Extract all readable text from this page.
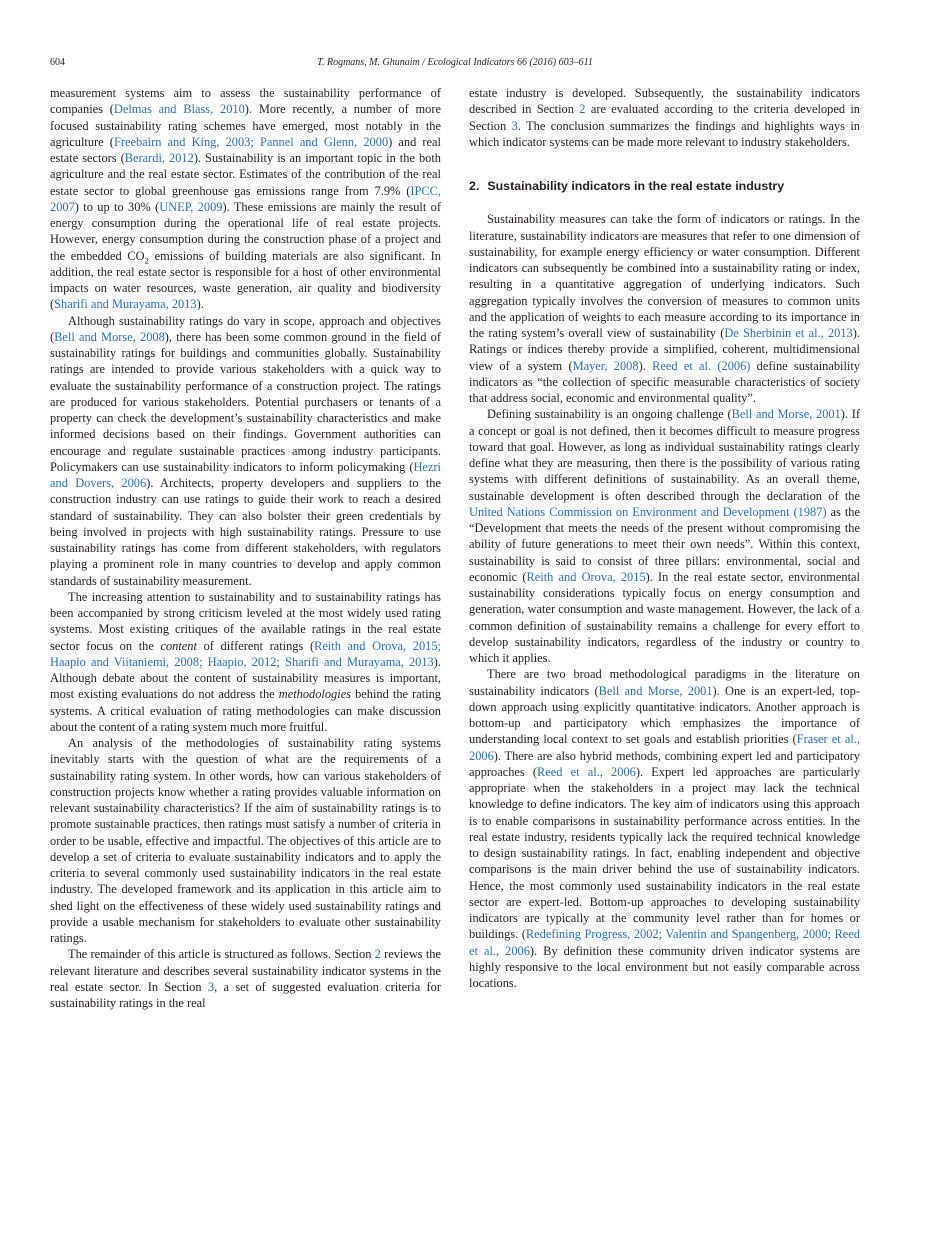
604	T. Rogmans, M. Ghunaim / Ecological Indicators 66 (2016) 603–611

measurement systems aim to assess the sustainability performance of companies (Delmas and Blass, 2010). More recently, a number of more focused sustainability rating schemes have emerged, most notably in the agriculture (Freebairn and King, 2003; Pannel and Glenn, 2000) and real estate sectors (Berardi, 2012). Sustainability is an important topic in the both agriculture and the real estate sector. Estimates of the contribution of the real estate sector to global greenhouse gas emissions range from 7.9% (IPCC, 2007) to up to 30% (UNEP, 2009). These emissions are mainly the result of energy consumption during the operational life of real estate projects. However, energy consumption during the construction phase of a project and the embedded $CO_2$ emissions of building materials are also significant. In addition, the real estate sector is responsible for a host of other environmental impacts on water resources, waste generation, air quality and biodiversity (Sharifi and Murayama, 2013).

Although sustainability ratings do vary in scope, approach and objectives (Bell and Morse, 2008), there has been some common ground in the field of sustainability ratings for buildings and communities globally. Sustainability ratings are intended to provide various stakeholders with a quick way to evaluate the sustainability performance of a construction project. The ratings are produced for various stakeholders. Potential purchasers or tenants of a property can check the development’s sustainability characteristics and make informed decisions based on their findings. Government authorities can encourage and regulate sustainable practices among industry participants. Policymakers can use sustainability indicators to inform policymaking (Hezri and Dovers, 2006). Architects, property developers and suppliers to the construction industry can use ratings to guide their work to reach a desired standard of sustainability. They can also bolster their green credentials by being involved in projects with high sustainability ratings. Pressure to use sustainability ratings has come from different stakeholders, with regulators playing a prominent role in many countries to develop and apply common standards of sustainability measurement.

The increasing attention to sustainability and to sustainability ratings has been accompanied by strong criticism leveled at the most widely used rating systems. Most existing critiques of the available ratings in the real estate sector focus on the content of different ratings (Reith and Orova, 2015; Haapio and Viitaniemi, 2008; Haapio, 2012; Sharifi and Murayama, 2013). Although debate about the content of sustainability measures is important, most existing evaluations do not address the methodologies behind the rating systems. A critical evaluation of rating methodologies can make discussion about the content of a rating system much more fruitful.

An analysis of the methodologies of sustainability rating systems inevitably starts with the question of what are the requirements of a sustainability rating system. In other words, how can various stakeholders of construction projects know whether a rating provides valuable information on relevant sustainability characteristics? If the aim of sustainability ratings is to promote sustainable practices, then ratings must satisfy a number of criteria in order to be usable, effective and impactful. The objectives of this article are to develop a set of criteria to evaluate sustainability indicators and to apply the criteria to several commonly used sustainability indicators in the real estate industry. The developed framework and its application in this article aim to shed light on the effectiveness of these widely used sustainability ratings and provide a usable mechanism for stakeholders to evaluate other sustainability ratings.

The remainder of this article is structured as follows. Section 2 reviews the relevant literature and describes several sustainability indicator systems in the real estate sector. In Section 3, a set of suggested evaluation criteria for sustainability ratings in the real

estate industry is developed. Subsequently, the sustainability indicators described in Section 2 are evaluated according to the criteria developed in Section 3. The conclusion summarizes the findings and highlights ways in which indicator systems can be made more relevant to industry stakeholders.

2. Sustainability indicators in the real estate industry

Sustainability measures can take the form of indicators or ratings. In the literature, sustainability indicators are measures that refer to one dimension of sustainability, for example energy efficiency or water consumption. Different indicators can subsequently be combined into a sustainability rating or index, resulting in a quantitative aggregation of underlying indicators. Such aggregation typically involves the conversion of measures to common units and the application of weights to each measure according to its importance in the rating system’s overall view of sustainability (De Sherbinin et al., 2013). Ratings or indices thereby provide a simplified, coherent, multidimensional view of a system (Mayer, 2008). Reed et al. (2006) define sustainability indicators as “the collection of specific measurable characteristics of society that address social, economic and environmental quality”.

Defining sustainability is an ongoing challenge (Bell and Morse, 2001). If a concept or goal is not defined, then it becomes difficult to measure progress toward that goal. However, as long as individual sustainability ratings clearly define what they are measuring, then there is the possibility of various rating systems with different definitions of sustainability. As an overall theme, sustainable development is often described through the declaration of the United Nations Commission on Environment and Development (1987) as the “Development that meets the needs of the present without compromising the ability of future generations to meet their own needs”. Within this context, sustainability is said to consist of three pillars: environmental, social and economic (Reith and Orova, 2015). In the real estate sector, environmental sustainability considerations typically focus on energy consumption and generation, water consumption and waste management. However, the lack of a common definition of sustainability remains a challenge for every effort to develop sustainability indicators, regardless of the industry or country to which it applies.

There are two broad methodological paradigms in the literature on sustainability indicators (Bell and Morse, 2001). One is an expert-led, top-down approach using explicitly quantitative indicators. Another approach is bottom-up and participatory which emphasizes the importance of understanding local context to set goals and establish priorities (Fraser et al., 2006). There are also hybrid methods, combining expert led and participatory approaches (Reed et al., 2006). Expert led approaches are particularly appropriate when the stakeholders in a project may lack the technical knowledge to define indicators. The key aim of indicators using this approach is to enable comparisons in sustainability performance across entities. In the real estate industry, residents typically lack the required technical knowledge to design sustainability ratings. In fact, enabling independent and objective comparisons is the main driver behind the use of sustainability indicators. Hence, the most commonly used sustainability indicators in the real estate sector are expert-led. Bottom-up approaches to developing sustainability indicators are typically at the community level rather than for homes or buildings. (Redefining Progress, 2002; Valentin and Spangenberg, 2000; Reed et al., 2006). By definition these community driven indicator systems are highly responsive to the local environment but not easily comparable across locations.
